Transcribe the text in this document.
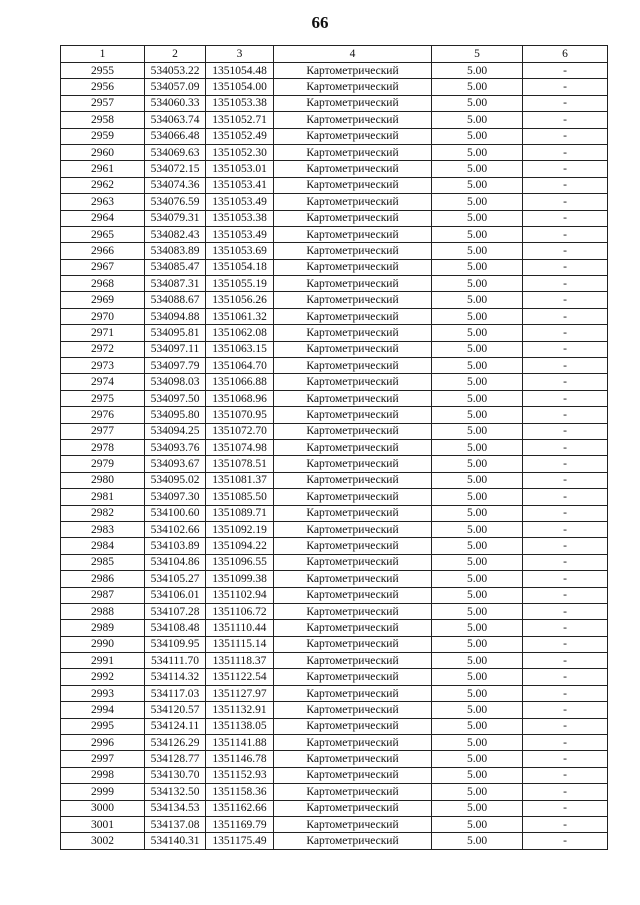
66
1	2	3	4	5	6
2955	534053.22	1351054.48	Картометрический	5.00	-
2956	534057.09	1351054.00	Картометрический	5.00	-
2957	534060.33	1351053.38	Картометрический	5.00	-
2958	534063.74	1351052.71	Картометрический	5.00	-
2959	534066.48	1351052.49	Картометрический	5.00	-
2960	534069.63	1351052.30	Картометрический	5.00	-
2961	534072.15	1351053.01	Картометрический	5.00	-
2962	534074.36	1351053.41	Картометрический	5.00	-
2963	534076.59	1351053.49	Картометрический	5.00	-
2964	534079.31	1351053.38	Картометрический	5.00	-
2965	534082.43	1351053.49	Картометрический	5.00	-
2966	534083.89	1351053.69	Картометрический	5.00	-
2967	534085.47	1351054.18	Картометрический	5.00	-
2968	534087.31	1351055.19	Картометрический	5.00	-
2969	534088.67	1351056.26	Картометрический	5.00	-
2970	534094.88	1351061.32	Картометрический	5.00	-
2971	534095.81	1351062.08	Картометрический	5.00	-
2972	534097.11	1351063.15	Картометрический	5.00	-
2973	534097.79	1351064.70	Картометрический	5.00	-
2974	534098.03	1351066.88	Картометрический	5.00	-
2975	534097.50	1351068.96	Картометрический	5.00	-
2976	534095.80	1351070.95	Картометрический	5.00	-
2977	534094.25	1351072.70	Картометрический	5.00	-
2978	534093.76	1351074.98	Картометрический	5.00	-
2979	534093.67	1351078.51	Картометрический	5.00	-
2980	534095.02	1351081.37	Картометрический	5.00	-
2981	534097.30	1351085.50	Картометрический	5.00	-
2982	534100.60	1351089.71	Картометрический	5.00	-
2983	534102.66	1351092.19	Картометрический	5.00	-
2984	534103.89	1351094.22	Картометрический	5.00	-
2985	534104.86	1351096.55	Картометрический	5.00	-
2986	534105.27	1351099.38	Картометрический	5.00	-
2987	534106.01	1351102.94	Картометрический	5.00	-
2988	534107.28	1351106.72	Картометрический	5.00	-
2989	534108.48	1351110.44	Картометрический	5.00	-
2990	534109.95	1351115.14	Картометрический	5.00	-
2991	534111.70	1351118.37	Картометрический	5.00	-
2992	534114.32	1351122.54	Картометрический	5.00	-
2993	534117.03	1351127.97	Картометрический	5.00	-
2994	534120.57	1351132.91	Картометрический	5.00	-
2995	534124.11	1351138.05	Картометрический	5.00	-
2996	534126.29	1351141.88	Картометрический	5.00	-
2997	534128.77	1351146.78	Картометрический	5.00	-
2998	534130.70	1351152.93	Картометрический	5.00	-
2999	534132.50	1351158.36	Картометрический	5.00	-
3000	534134.53	1351162.66	Картометрический	5.00	-
3001	534137.08	1351169.79	Картометрический	5.00	-
3002	534140.31	1351175.49	Картометрический	5.00	-
